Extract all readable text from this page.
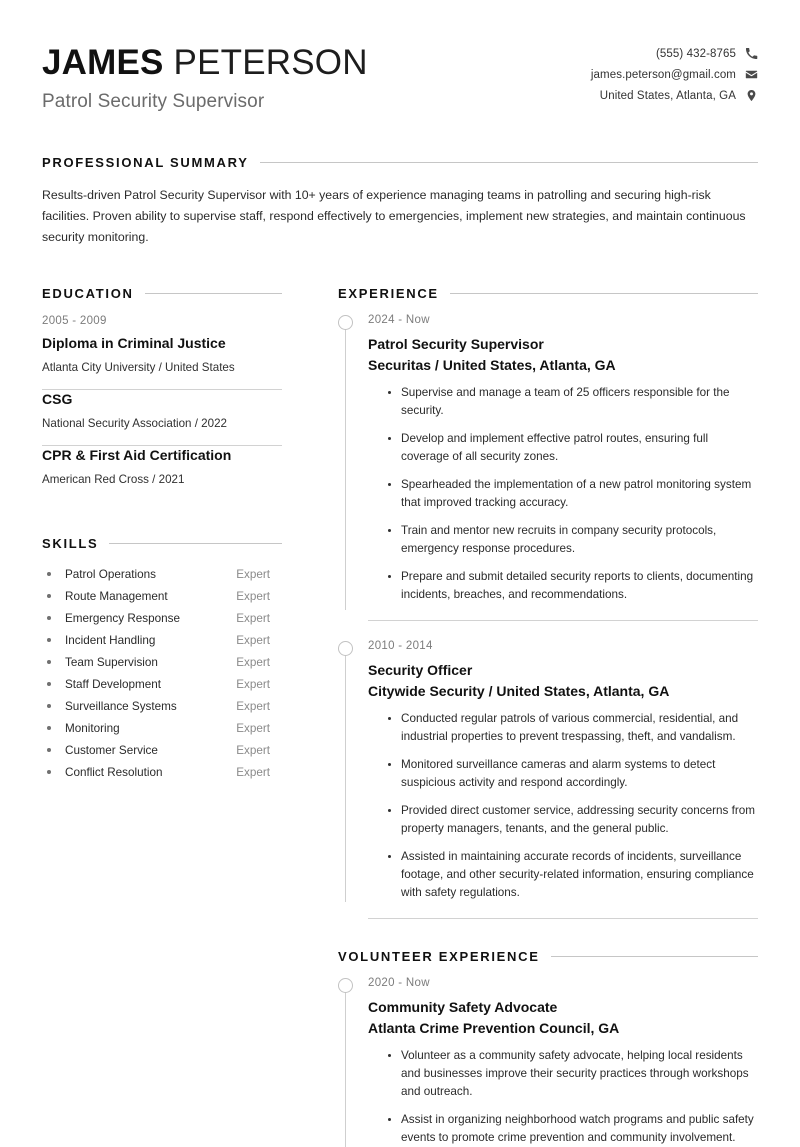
JAMES PETERSON
Patrol Security Supervisor
(555) 432-8765
james.peterson@gmail.com
United States, Atlanta, GA
PROFESSIONAL SUMMARY
Results-driven Patrol Security Supervisor with 10+ years of experience managing teams in patrolling and securing high-risk facilities. Proven ability to supervise staff, respond effectively to emergencies, implement new strategies, and maintain continuous security monitoring.
EDUCATION
2005 - 2009
Diploma in Criminal Justice
Atlanta City University / United States
CSG
National Security Association / 2022
CPR & First Aid Certification
American Red Cross / 2021
SKILLS
Patrol Operations	Expert
Route Management	Expert
Emergency Response	Expert
Incident Handling	Expert
Team Supervision	Expert
Staff Development	Expert
Surveillance Systems	Expert
Monitoring	Expert
Customer Service	Expert
Conflict Resolution	Expert
EXPERIENCE
2024 - Now
Patrol Security Supervisor
Securitas / United States, Atlanta, GA
Supervise and manage a team of 25 officers responsible for the security.
Develop and implement effective patrol routes, ensuring full coverage of all security zones.
Spearheaded the implementation of a new patrol monitoring system that improved tracking accuracy.
Train and mentor new recruits in company security protocols, emergency response procedures.
Prepare and submit detailed security reports to clients, documenting incidents, breaches, and recommendations.
2010 - 2014
Security Officer
Citywide Security / United States, Atlanta, GA
Conducted regular patrols of various commercial, residential, and industrial properties to prevent trespassing, theft, and vandalism.
Monitored surveillance cameras and alarm systems to detect suspicious activity and respond accordingly.
Provided direct customer service, addressing security concerns from property managers, tenants, and the general public.
Assisted in maintaining accurate records of incidents, surveillance footage, and other security-related information, ensuring compliance with safety regulations.
VOLUNTEER EXPERIENCE
2020 - Now
Community Safety Advocate
Atlanta Crime Prevention Council, GA
Volunteer as a community safety advocate, helping local residents and businesses improve their security practices through workshops and outreach.
Assist in organizing neighborhood watch programs and public safety events to promote crime prevention and community involvement.
